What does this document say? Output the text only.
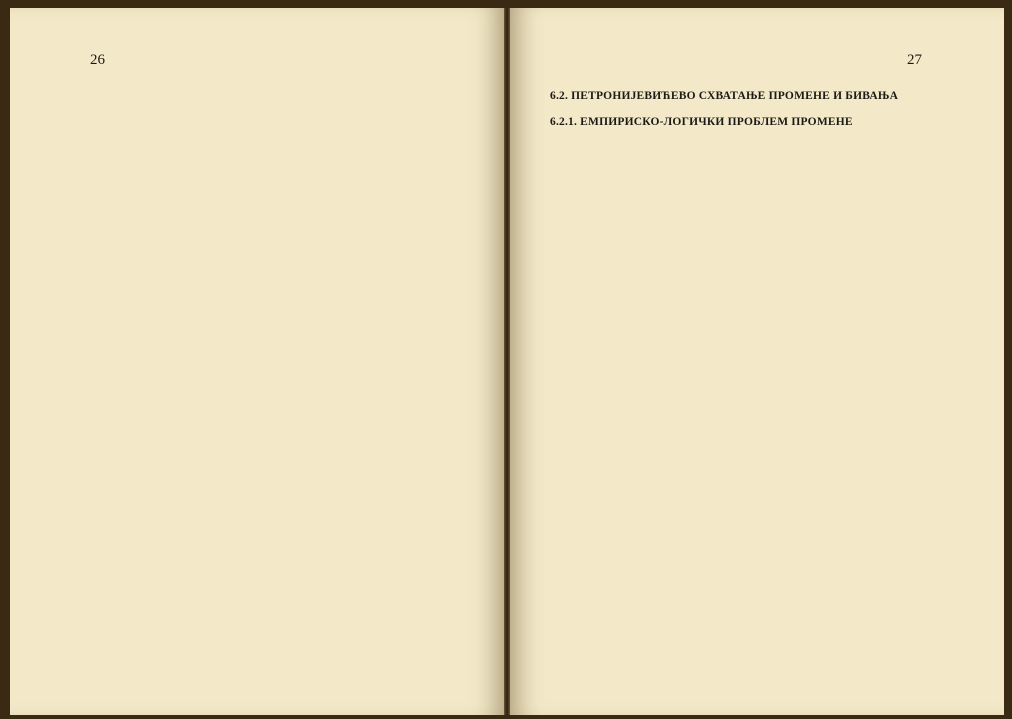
26	27
6.2. ПЕТРОНИЈЕВИЋЕВО СХВАТАЊЕ ПРОМЕНЕ И БИВАЊА
6.2.1. ЕМПИРИСКО-ЛОГИЧКИ ПРОБЛЕМ ПРОМЕНЕ
